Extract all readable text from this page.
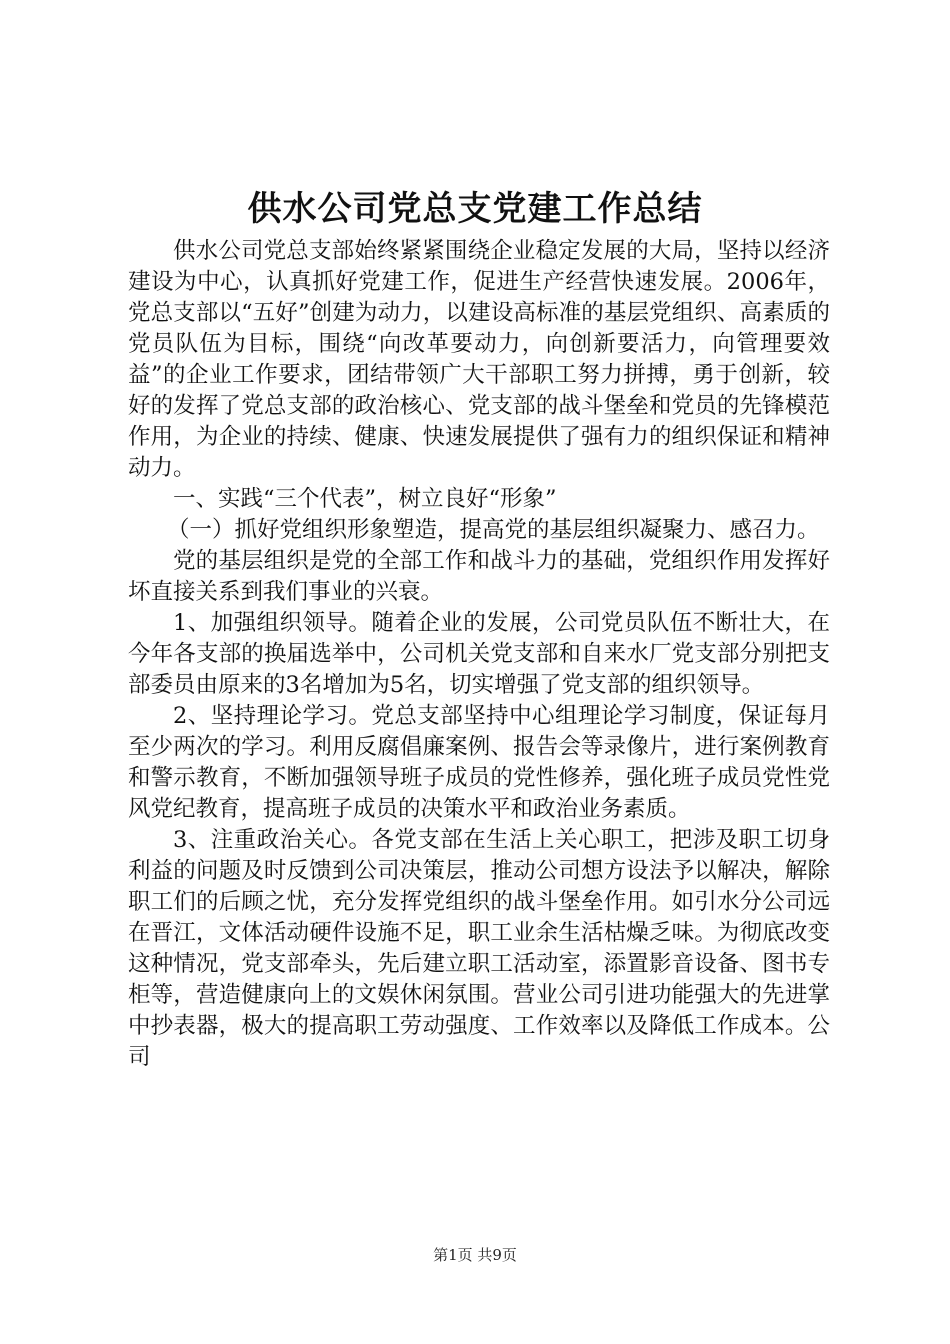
供水公司党总支党建工作总结

供水公司党总支部始终紧紧围绕企业稳定发展的大局，坚持以经济建设为中心，认真抓好党建工作，促进生产经营快速发展。2006年，党总支部以“五好”创建为动力，以建设高标准的基层党组织、高素质的党员队伍为目标，围绕“向改革要动力，向创新要活力，向管理要效益”的企业工作要求，团结带领广大干部职工努力拼搏，勇于创新，较好的发挥了党总支部的政治核心、党支部的战斗堡垒和党员的先锋模范作用，为企业的持续、健康、快速发展提供了强有力的组织保证和精神动力。

一、实践“三个代表”，树立良好“形象”

（一）抓好党组织形象塑造，提高党的基层组织凝聚力、感召力。

党的基层组织是党的全部工作和战斗力的基础，党组织作用发挥好坏直接关系到我们事业的兴衰。

1、加强组织领导。随着企业的发展，公司党员队伍不断壮大，在今年各支部的换届选举中，公司机关党支部和自来水厂党支部分别把支部委员由原来的3名增加为5名，切实增强了党支部的组织领导。

2、坚持理论学习。党总支部坚持中心组理论学习制度，保证每月至少两次的学习。利用反腐倡廉案例、报告会等录像片，进行案例教育和警示教育，不断加强领导班子成员的党性修养，强化班子成员党性党风党纪教育，提高班子成员的决策水平和政治业务素质。

3、注重政治关心。各党支部在生活上关心职工，把涉及职工切身利益的问题及时反馈到公司决策层，推动公司想方设法予以解决，解除职工们的后顾之忧，充分发挥党组织的战斗堡垒作用。如引水分公司远在晋江，文体活动硬件设施不足，职工业余生活枯燥乏味。为彻底改变这种情况，党支部牵头，先后建立职工活动室，添置影音设备、图书专柜等，营造健康向上的文娱休闲氛围。营业公司引进功能强大的先进掌中抄表器，极大的提高职工劳动强度、工作效率以及降低工作成本。公司

第1页 共9页
